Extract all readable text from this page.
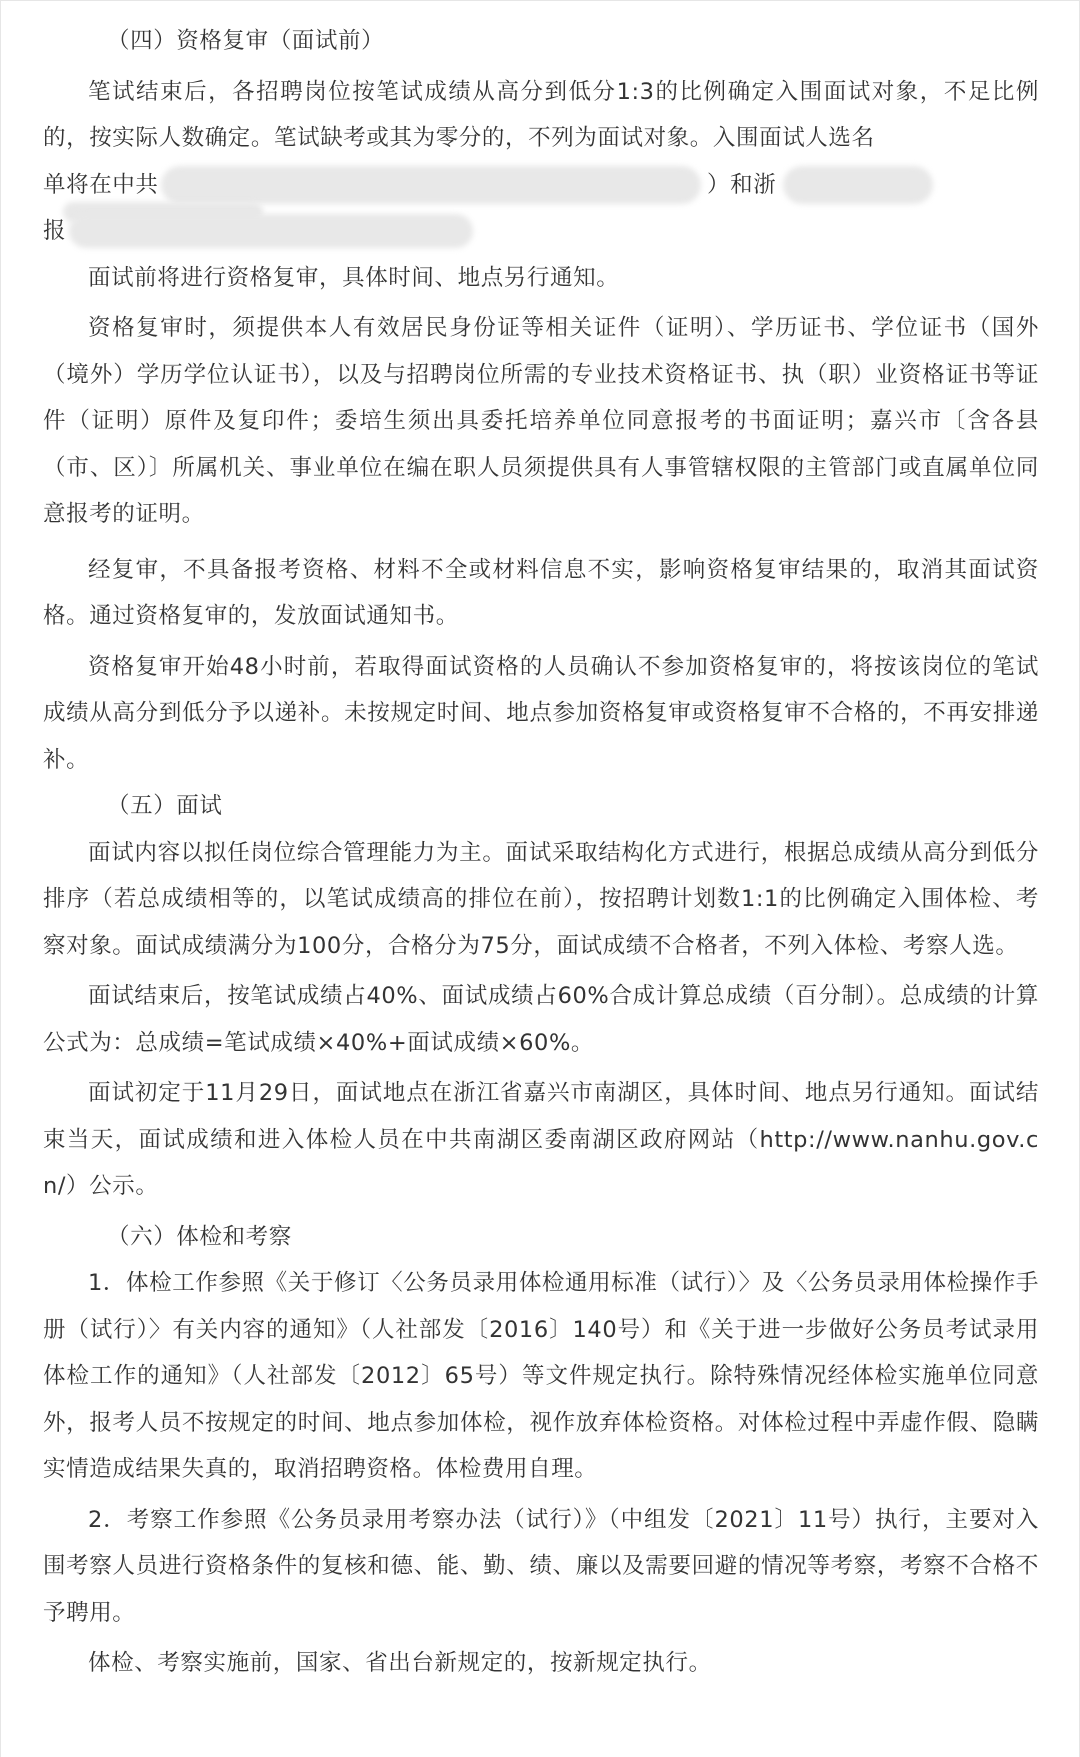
（四）资格复审（面试前）

笔试结束后，各招聘岗位按笔试成绩从高分到低分1:3的比例确定入围面试对象，不足比例的，按实际人数确定。笔试缺考或其为零分的，不列为面试对象。入围面试人选名

单将在中共	）和浙
报

面试前将进行资格复审，具体时间、地点另行通知。

资格复审时，须提供本人有效居民身份证等相关证件（证明）、学历证书、学位证书（国外（境外）学历学位认证书），以及与招聘岗位所需的专业技术资格证书、执（职）业资格证书等证件（证明）原件及复印件；委培生须出具委托培养单位同意报考的书面证明；嘉兴市〔含各县（市、区）〕所属机关、事业单位在编在职人员须提供具有人事管辖权限的主管部门或直属单位同意报考的证明。

经复审，不具备报考资格、材料不全或材料信息不实，影响资格复审结果的，取消其面试资格。通过资格复审的，发放面试通知书。

资格复审开始48小时前，若取得面试资格的人员确认不参加资格复审的，将按该岗位的笔试成绩从高分到低分予以递补。未按规定时间、地点参加资格复审或资格复审不合格的，不再安排递补。

（五）面试

面试内容以拟任岗位综合管理能力为主。面试采取结构化方式进行，根据总成绩从高分到低分排序（若总成绩相等的，以笔试成绩高的排位在前），按招聘计划数1:1的比例确定入围体检、考察对象。面试成绩满分为100分，合格分为75分，面试成绩不合格者，不列入体检、考察人选。

面试结束后，按笔试成绩占40%、面试成绩占60%合成计算总成绩（百分制）。总成绩的计算公式为：总成绩=笔试成绩×40%+面试成绩×60%。

面试初定于11月29日，面试地点在浙江省嘉兴市南湖区，具体时间、地点另行通知。面试结束当天，面试成绩和进入体检人员在中共南湖区委南湖区政府网站（http://www.nanhu.gov.cn/）公示。

（六）体检和考察

1．体检工作参照《关于修订〈公务员录用体检通用标准（试行）〉及〈公务员录用体检操作手册（试行）〉有关内容的通知》（人社部发〔2016〕140号）和《关于进一步做好公务员考试录用体检工作的通知》（人社部发〔2012〕65号）等文件规定执行。除特殊情况经体检实施单位同意外，报考人员不按规定的时间、地点参加体检，视作放弃体检资格。对体检过程中弄虚作假、隐瞒实情造成结果失真的，取消招聘资格。体检费用自理。

2．考察工作参照《公务员录用考察办法（试行）》（中组发〔2021〕11号）执行，主要对入围考察人员进行资格条件的复核和德、能、勤、绩、廉以及需要回避的情况等考察，考察不合格不予聘用。

体检、考察实施前，国家、省出台新规定的，按新规定执行。
